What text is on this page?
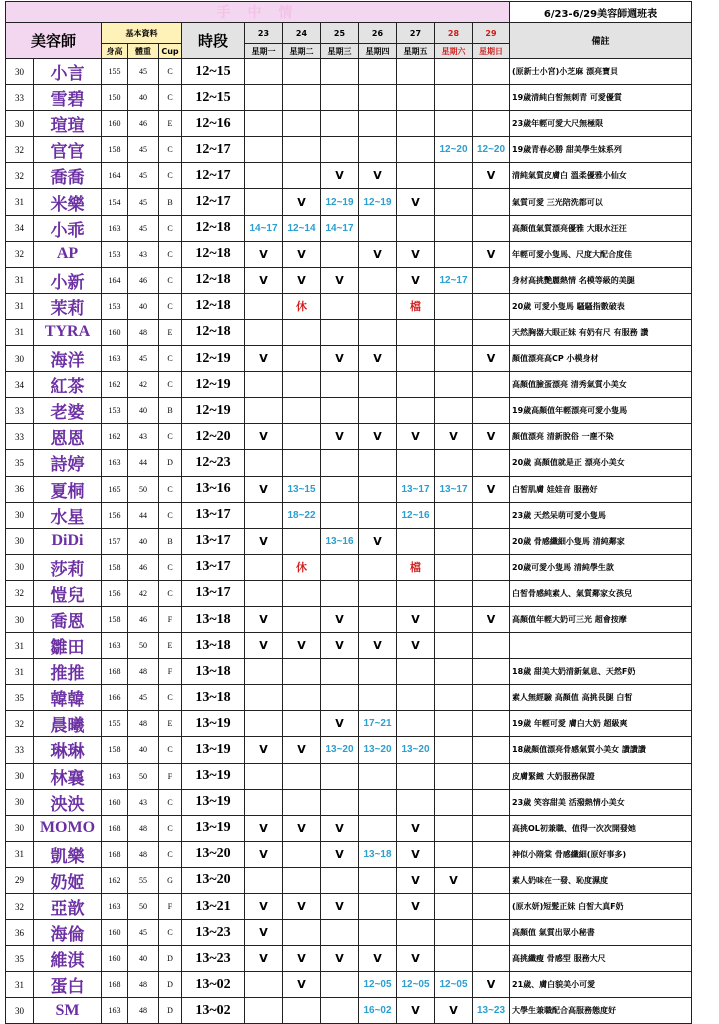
手 中 情													6/23-6/29美容師週班表
美容師		基本資料			時段	23	24	25	26	27	28	29	備註
		身高	體重	Cup		星期一	星期二	星期三	星期四	星期五	星期六	星期日	
30	小言	155	45	C	12~15								(原新士小宮)小芝麻 漂亮寶貝
33	雪碧	150	40	C	12~15								19歲清純白皙無刺青 可愛優質
30	瑄瑄	160	46	E	12~16								23歲年輕可愛大尺無極限
32	官官	158	45	C	12~17						12~20	12~20	19歲青春必勝 甜美學生妹系列
32	喬喬	164	45	C	12~17			V	V			V	清純氣質皮膚白 溫柔優雅小仙女
31	米樂	154	45	B	12~17		V	12~19	12~19	V			氣質可愛 三光陪洗都可以
34	小乖	163	45	C	12~18	14~17	12~14	14~17					高顏值氣質漂亮優雅 大眼水汪汪
32	AP	153	43	C	12~18	V	V		V	V		V	年輕可愛小隻馬、尺度大配合度佳
31	小新	164	46	C	12~18	V	V	V		V	12~17		身材高挑艷麗熱情 名模等級的美腿
31	茉莉	153	40	C	12~18		休			檔			20歲 可愛小隻馬 騷騷指數破表
31	TYRA	160	48	E	12~18								天然胸器大眼正妹 有奶有尺 有服務 讚
30	海洋	163	45	C	12~19	V		V	V			V	顏值漂亮高CP 小模身材
34	紅茶	162	42	C	12~19								高顏值臉蛋漂亮 清秀氣質小美女
33	老婆	153	40	B	12~19								19歲高顏值年輕漂亮可愛小隻馬
33	恩恩	162	43	C	12~20	V		V	V	V	V	V	顏值漂亮 清新脫俗 一塵不染
35	詩婷	163	44	D	12~23								20歲 高顏值就是正 漂亮小美女
36	夏桐	165	50	C	13~16	V	13~15			13~17	13~17	V	白皙肌膚 娃娃音 服務好
30	水星	156	44	C	13~17		18~22			12~16			23歲 天然呆萌可愛小隻馬
30	DiDi	157	40	B	13~17	V		13~16	V				20歲 骨感纖細小隻馬 清純鄰家
30	莎莉	158	46	C	13~17		休			檔			20歲可愛小隻馬 清純學生款
32	愷兒	156	42	C	13~17								白皙骨感純素人、氣質鄰家女孩兒
30	喬恩	158	46	F	13~18	V		V		V		V	高顏值年輕大奶可三光 超會按摩
31	雛田	163	50	E	13~18	V	V	V	V	V			
31	推推	168	48	F	13~18								18歲 甜美大奶清新氣息、天然F奶
35	韓韓	166	45	C	13~18								素人無經驗 高顏值 高挑長腿 白皙
32	晨曦	155	48	E	13~19			V	17~21				19歲 年輕可愛 膚白大奶 超級爽
33	琳琳	158	40	C	13~19	V	V	13~20	13~20	13~20			18歲顏值漂亮骨感氣質小美女 讚讚讚
30	林襄	163	50	F	13~19								皮膚緊緻 大奶服務保證
30	泱泱	160	43	C	13~19								23歲 笑容甜美 活潑熱情小美女
30	MOMO	168	48	C	13~19	V	V	V		V			高挑OL初兼職、值得一次次開發她
31	凱樂	168	48	C	13~20	V		V	13~18	V			神似小隋棠 骨感纖細(原好事多)
29	奶姬	162	55	G	13~20					V	V		素人奶味在一發、恥度濕度
32	亞歆	163	50	F	13~21	V	V	V		V			(原水妍)短髮正妹 白皙大真F奶
36	海倫	160	45	C	13~23	V							高顏值 氣質出眾小秘書
35	維淇	160	40	D	13~23	V	V	V	V	V			高挑纖瘦 骨感型 服務大尺
31	蛋白	168	48	D	13~02		V		12~05	12~05	12~05	V	21歲、膚白貌美小可愛
30	SM	163	48	D	13~02				16~02	V	V	13~23	大學生兼職配合高服務態度好
